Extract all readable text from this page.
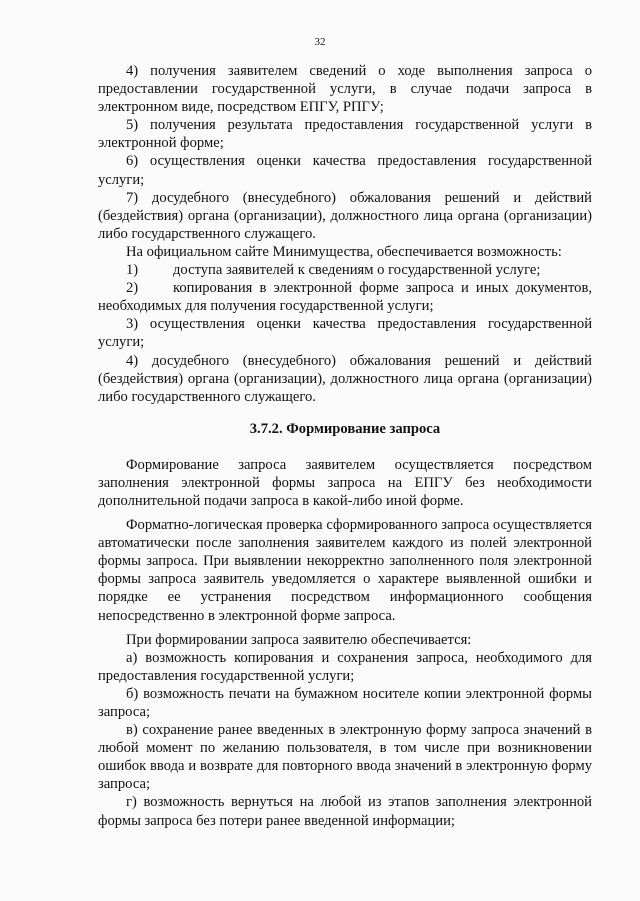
32

4) получения заявителем сведений о ходе выполнения запроса о предоставлении государственной услуги, в случае подачи запроса в электронном виде, посредством ЕПГУ, РПГУ;

5) получения результата предоставления государственной услуги в электронной форме;

6) осуществления оценки качества предоставления государственной услуги;

7) досудебного (внесудебного) обжалования решений и действий (бездействия) органа (организации), должностного лица органа (организации) либо государственного служащего.

На официальном сайте Минимущества, обеспечивается возможность:

1) доступа заявителей к сведениям о государственной услуге;

2) копирования в электронной форме запроса и иных документов, необходимых для получения государственной услуги;

3) осуществления оценки качества предоставления государственной услуги;

4) досудебного (внесудебного) обжалования решений и действий (бездействия) органа (организации), должностного лица органа (организации) либо государственного служащего.

3.7.2. Формирование запроса

Формирование запроса заявителем осуществляется посредством заполнения электронной формы запроса на ЕПГУ без необходимости дополнительной подачи запроса в какой-либо иной форме.

Форматно-логическая проверка сформированного запроса осуществляется автоматически после заполнения заявителем каждого из полей электронной формы запроса. При выявлении некорректно заполненного поля электронной формы запроса заявитель уведомляется о характере выявленной ошибки и порядке ее устранения посредством информационного сообщения непосредственно в электронной форме запроса.

При формировании запроса заявителю обеспечивается:

а) возможность копирования и сохранения запроса, необходимого для предоставления государственной услуги;

б) возможность печати на бумажном носителе копии электронной формы запроса;

в) сохранение ранее введенных в электронную форму запроса значений в любой момент по желанию пользователя, в том числе при возникновении ошибок ввода и возврате для повторного ввода значений в электронную форму запроса;

г) возможность вернуться на любой из этапов заполнения электронной формы запроса без потери ранее введенной информации;
